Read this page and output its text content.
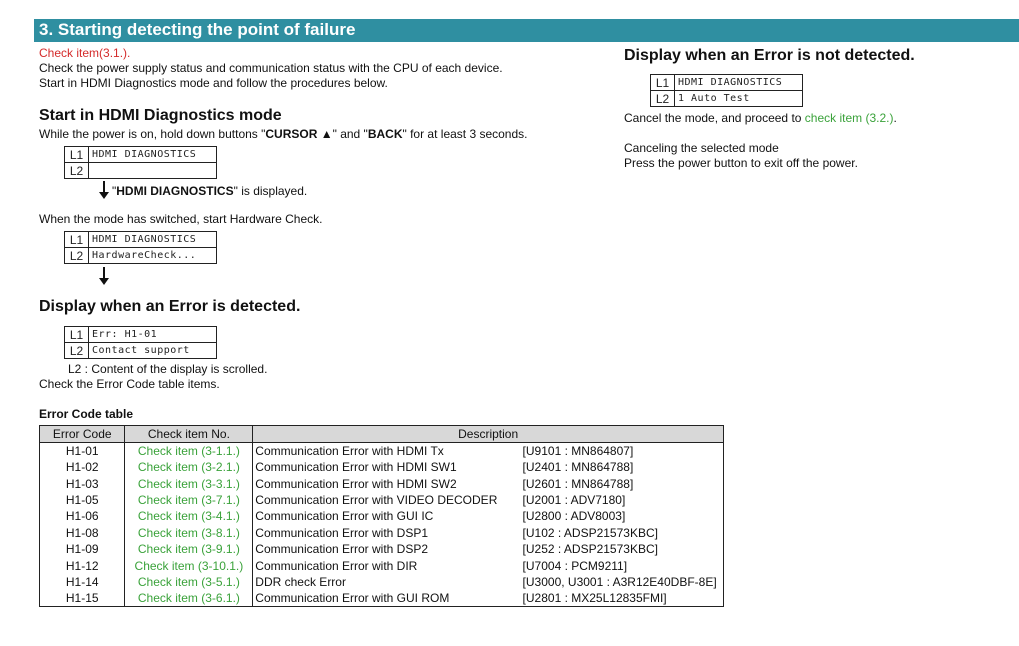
3. Starting detecting the point of failure
Check item(3.1.).
Check the power supply status and communication status with the CPU of each device.
Start in HDMI Diagnostics mode and follow the procedures below.
Start in HDMI Diagnostics mode
While the power is on, hold down buttons "CURSOR ▲" and "BACK" for at least 3 seconds.
L1	HDMI DIAGNOSTICS
L2	
"HDMI DIAGNOSTICS" is displayed.
When the mode has switched, start Hardware Check.
L1	HDMI DIAGNOSTICS
L2	HardwareCheck...
Display when an Error is detected.
L1	Err: H1-01
L2	Contact support
L2 : Content of the display is scrolled.
Check the Error Code table items.
Display when an Error is not detected.
L1	HDMI DIAGNOSTICS
L2	1 Auto Test
Cancel the mode, and proceed to check item (3.2.).
Canceling the selected mode
Press the power button to exit off the power.
Error Code table
Error Code	Check item No.	Description	
H1-01	Check item (3-1.1.)	Communication Error with HDMI Tx	[U9101 : MN864807]
H1-02	Check item (3-2.1.)	Communication Error with HDMI SW1	[U2401 : MN864788]
H1-03	Check item (3-3.1.)	Communication Error with HDMI SW2	[U2601 : MN864788]
H1-05	Check item (3-7.1.)	Communication Error with VIDEO DECODER	[U2001 : ADV7180]
H1-06	Check item (3-4.1.)	Communication Error with GUI IC	[U2800 : ADV8003]
H1-08	Check item (3-8.1.)	Communication Error with DSP1	[U102 : ADSP21573KBC]
H1-09	Check item (3-9.1.)	Communication Error with DSP2	[U252 : ADSP21573KBC]
H1-12	Check item (3-10.1.)	Communication Error with DIR	[U7004 : PCM9211]
H1-14	Check item (3-5.1.)	DDR check Error	[U3000, U3001 : A3R12E40DBF-8E]
H1-15	Check item (3-6.1.)	Communication Error with GUI ROM	[U2801 : MX25L12835FMI]
